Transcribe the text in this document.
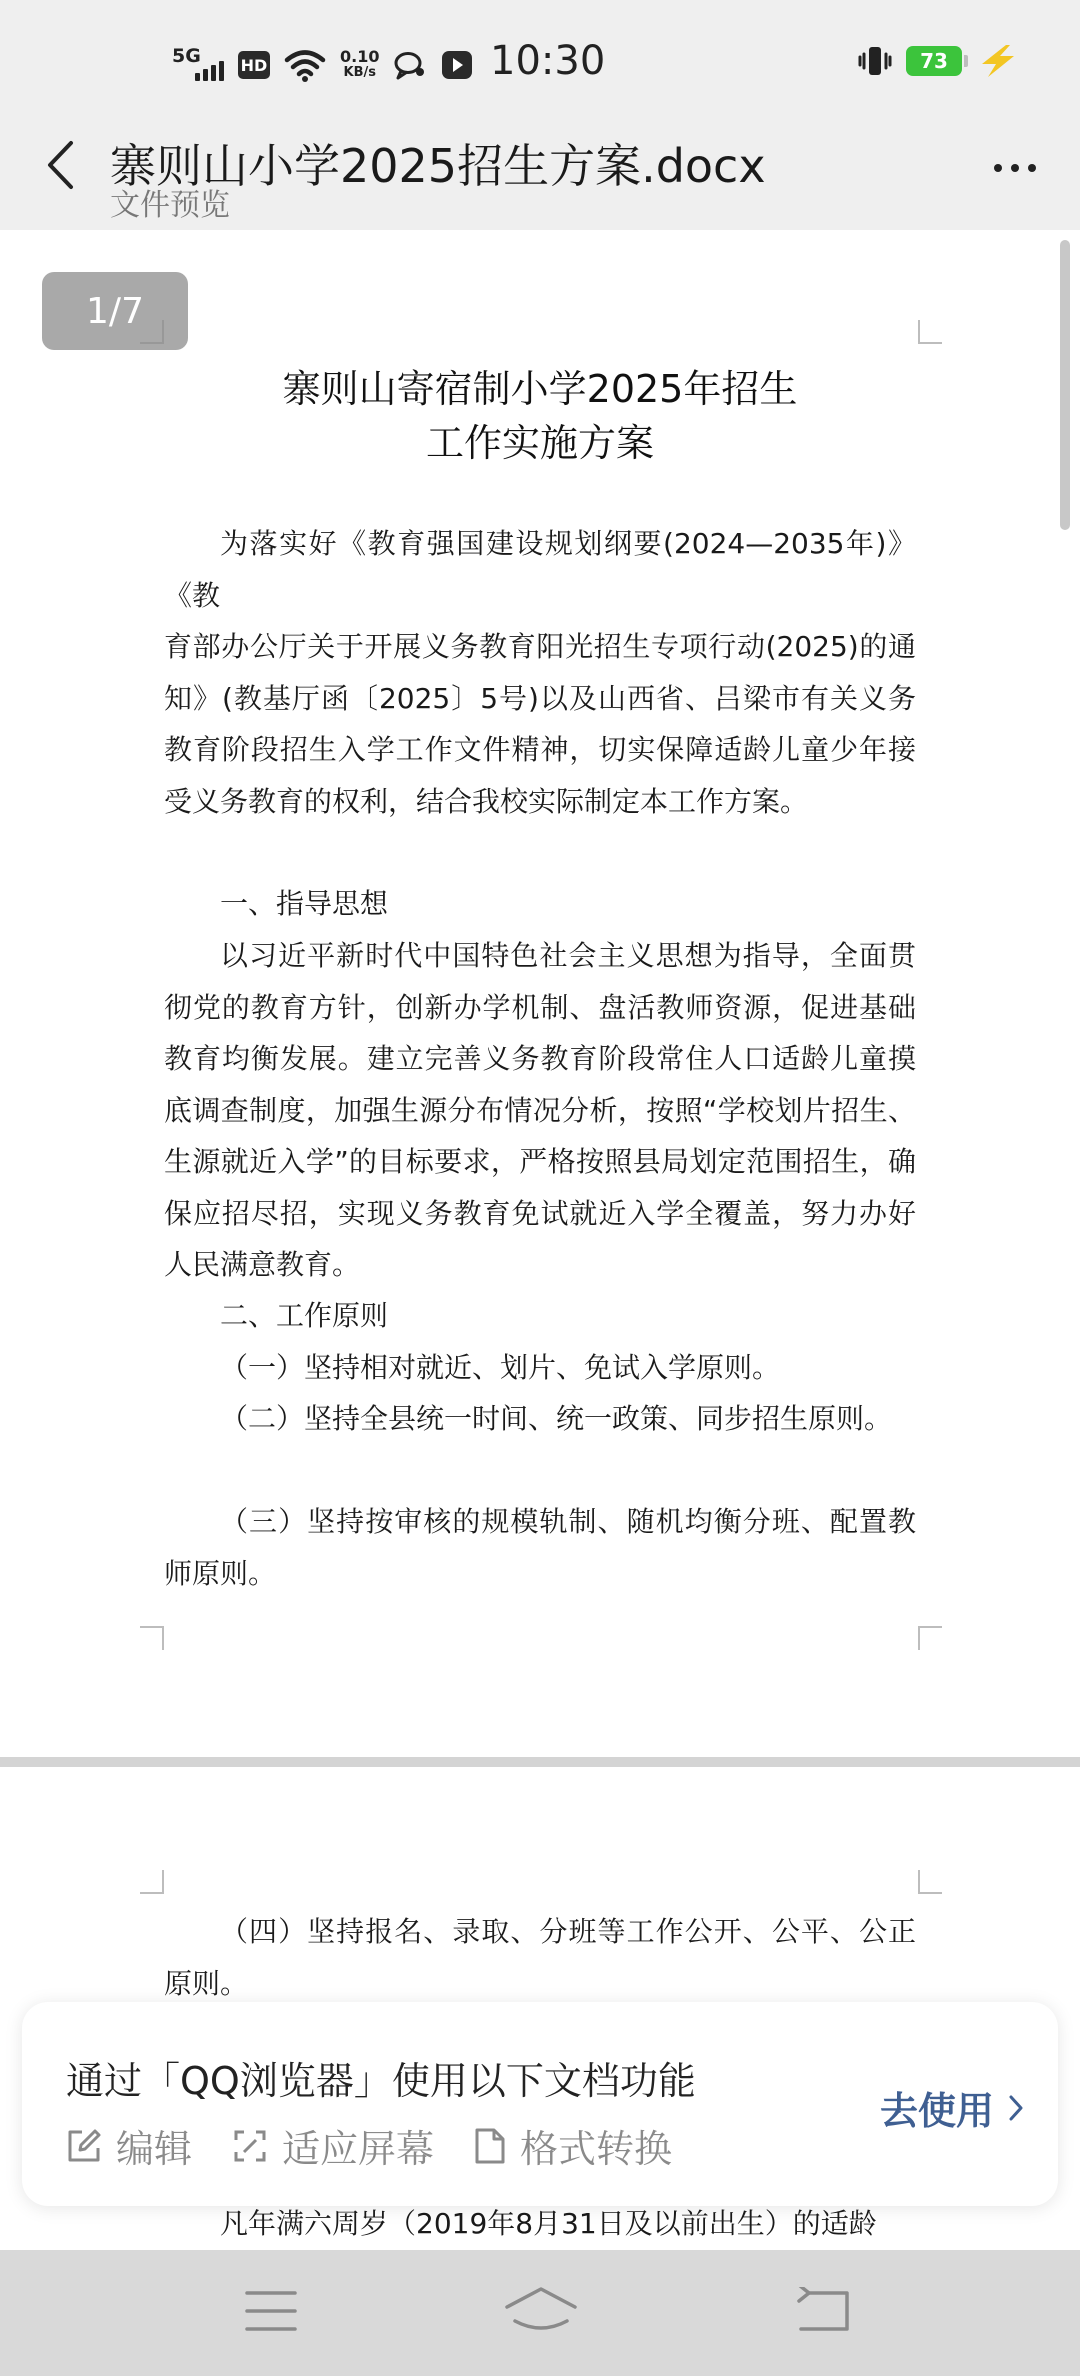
5G HD	0.10
KB/s	10:30	73
寨则山小学2025招生方案.docx
文件预览
1/7
寨则山寄宿制小学2025年招生
工作实施方案
为落实好《教育强国建设规划纲要(2024—2035年)》《教
育部办公厅关于开展义务教育阳光招生专项行动(2025)的通知》(教基厅函〔2025〕5号)以及山西省、吕梁市有关义务教育阶段招生入学工作文件精神，切实保障适龄儿童少年接受义务教育的权利，结合我校实际制定本工作方案。
一、指导思想
以习近平新时代中国特色社会主义思想为指导，全面贯彻党的教育方针，创新办学机制、盘活教师资源，促进基础教育均衡发展。建立完善义务教育阶段常住人口适龄儿童摸底调查制度，加强生源分布情况分析，按照“学校划片招生、生源就近入学”的目标要求，严格按照县局划定范围招生，确保应招尽招，实现义务教育免试就近入学全覆盖，努力办好人民满意教育。
二、工作原则
（一）坚持相对就近、划片、免试入学原则。
（二）坚持全县统一时间、统一政策、同步招生原则。
（三）坚持按审核的规模轨制、随机均衡分班、配置教师原则。
（四）坚持报名、录取、分班等工作公开、公平、公正原则。
凡年满六周岁（2019年8月31日及以前出生）的适龄
通过「QQ浏览器」使用以下文档功能
编辑 适应屏幕 格式转换
去使用
